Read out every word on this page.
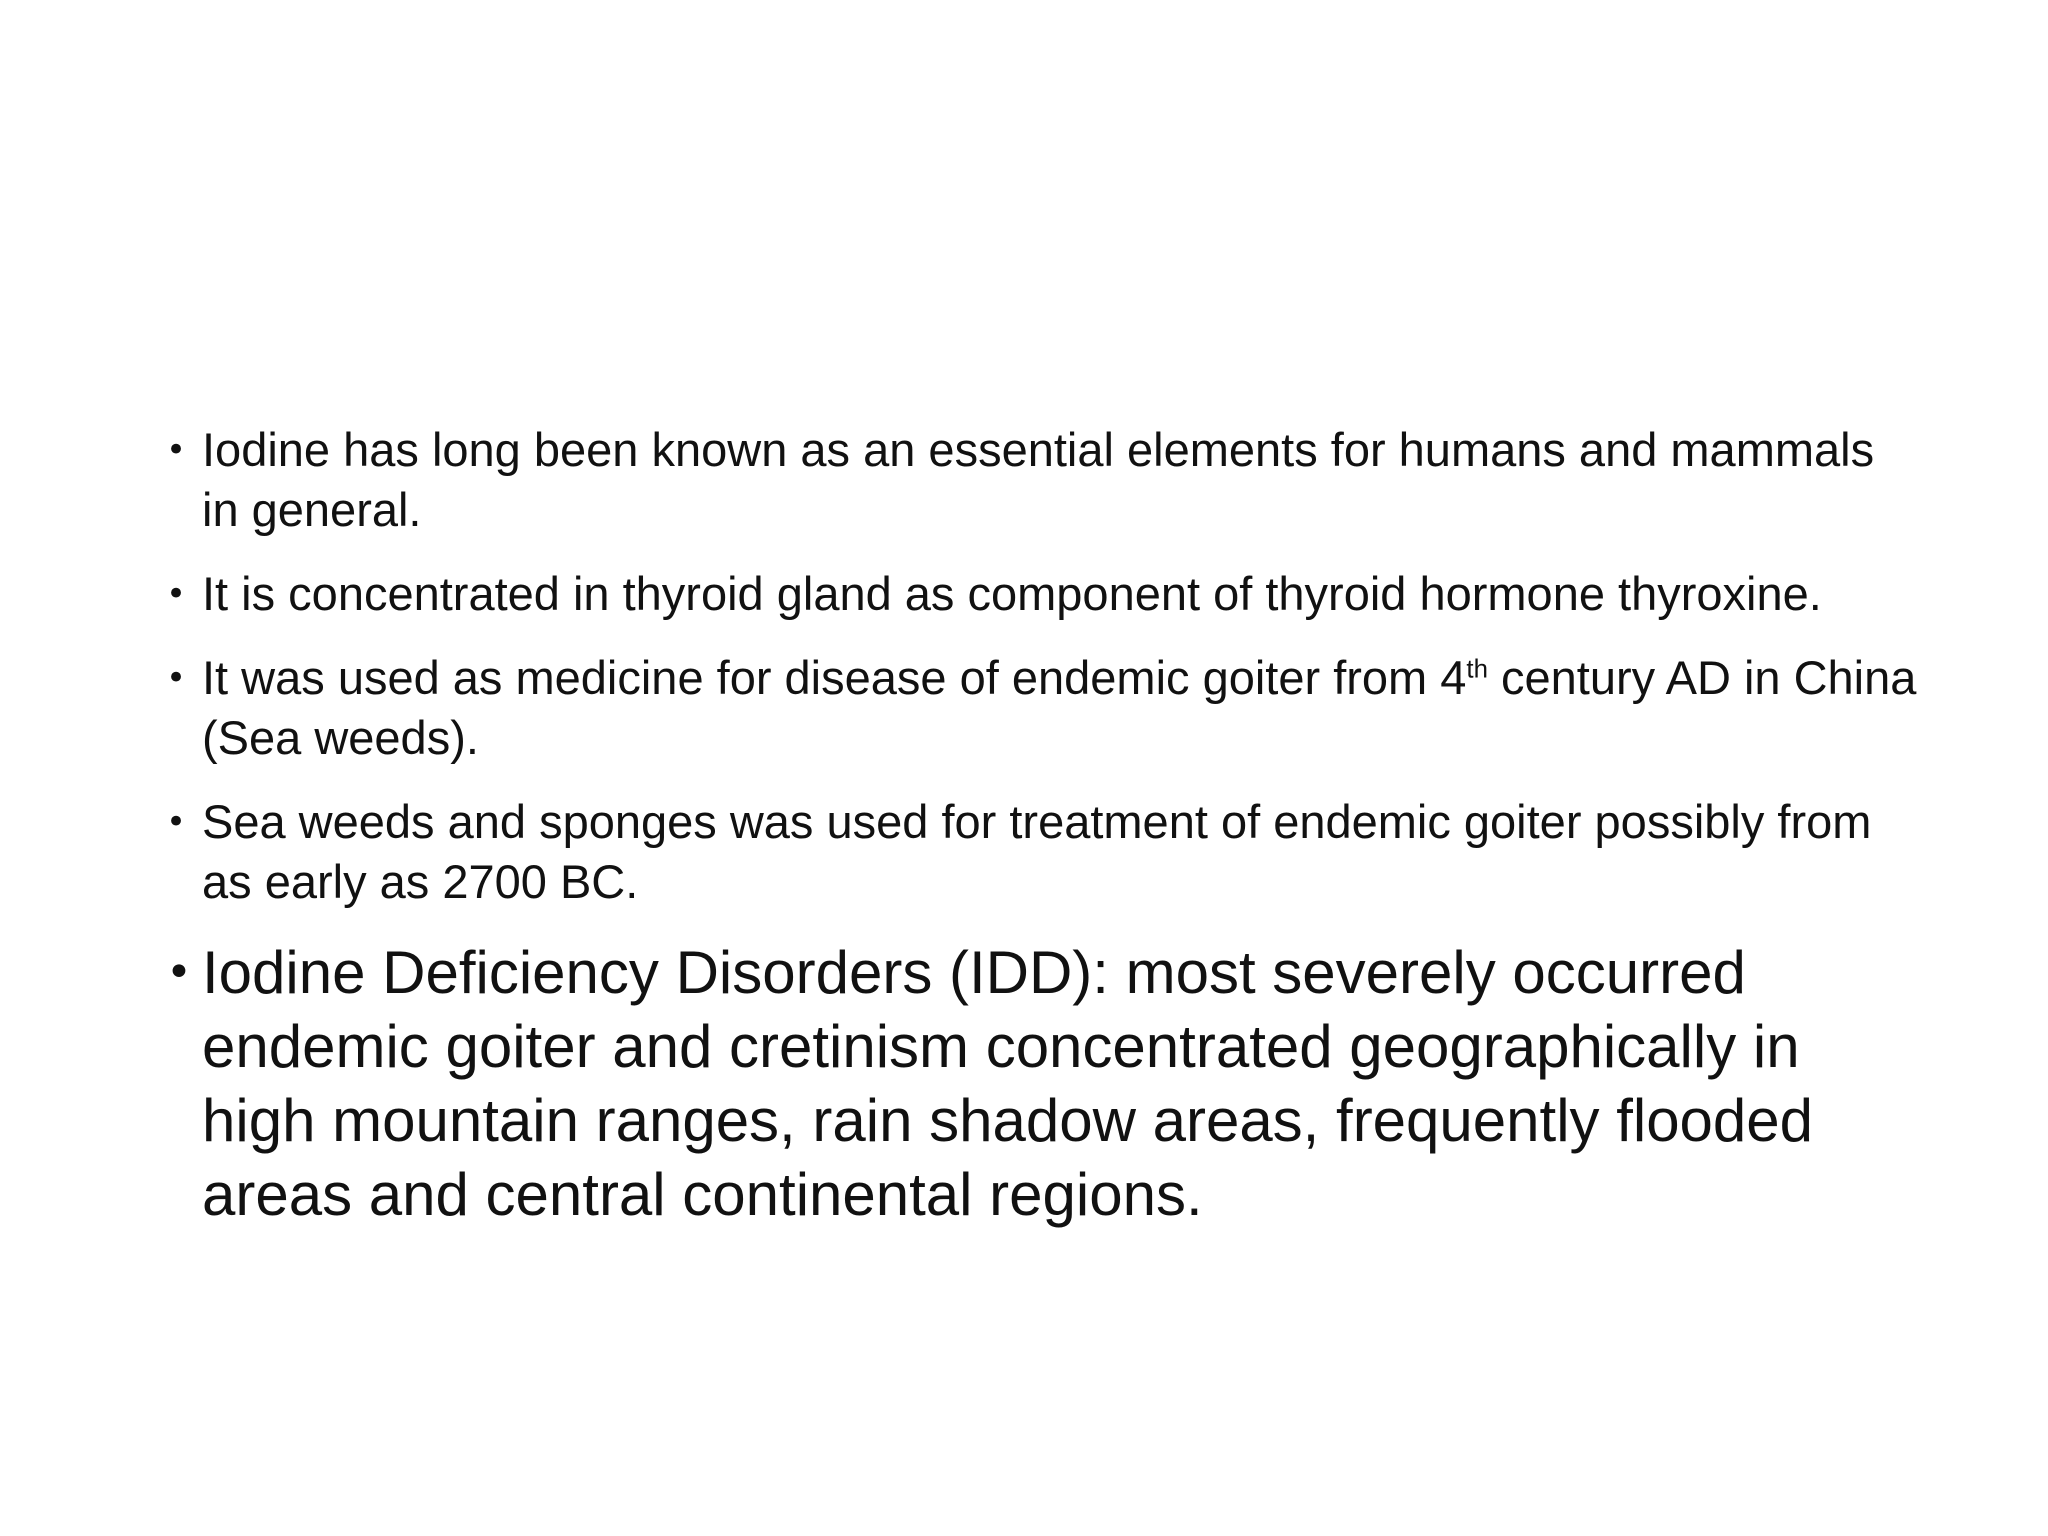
• Iodine has long been known as an essential elements for humans and mammals in general.
• It is concentrated in thyroid gland as component of thyroid hormone thyroxine.
• It was used as medicine for disease of endemic goiter from 4th century AD in China (Sea weeds).
• Sea weeds and sponges was used for treatment of endemic goiter possibly from as early as 2700 BC.
• Iodine Deficiency Disorders (IDD): most severely occurred endemic goiter and cretinism concentrated geographically in high mountain ranges, rain shadow areas, frequently flooded areas and central continental regions.
